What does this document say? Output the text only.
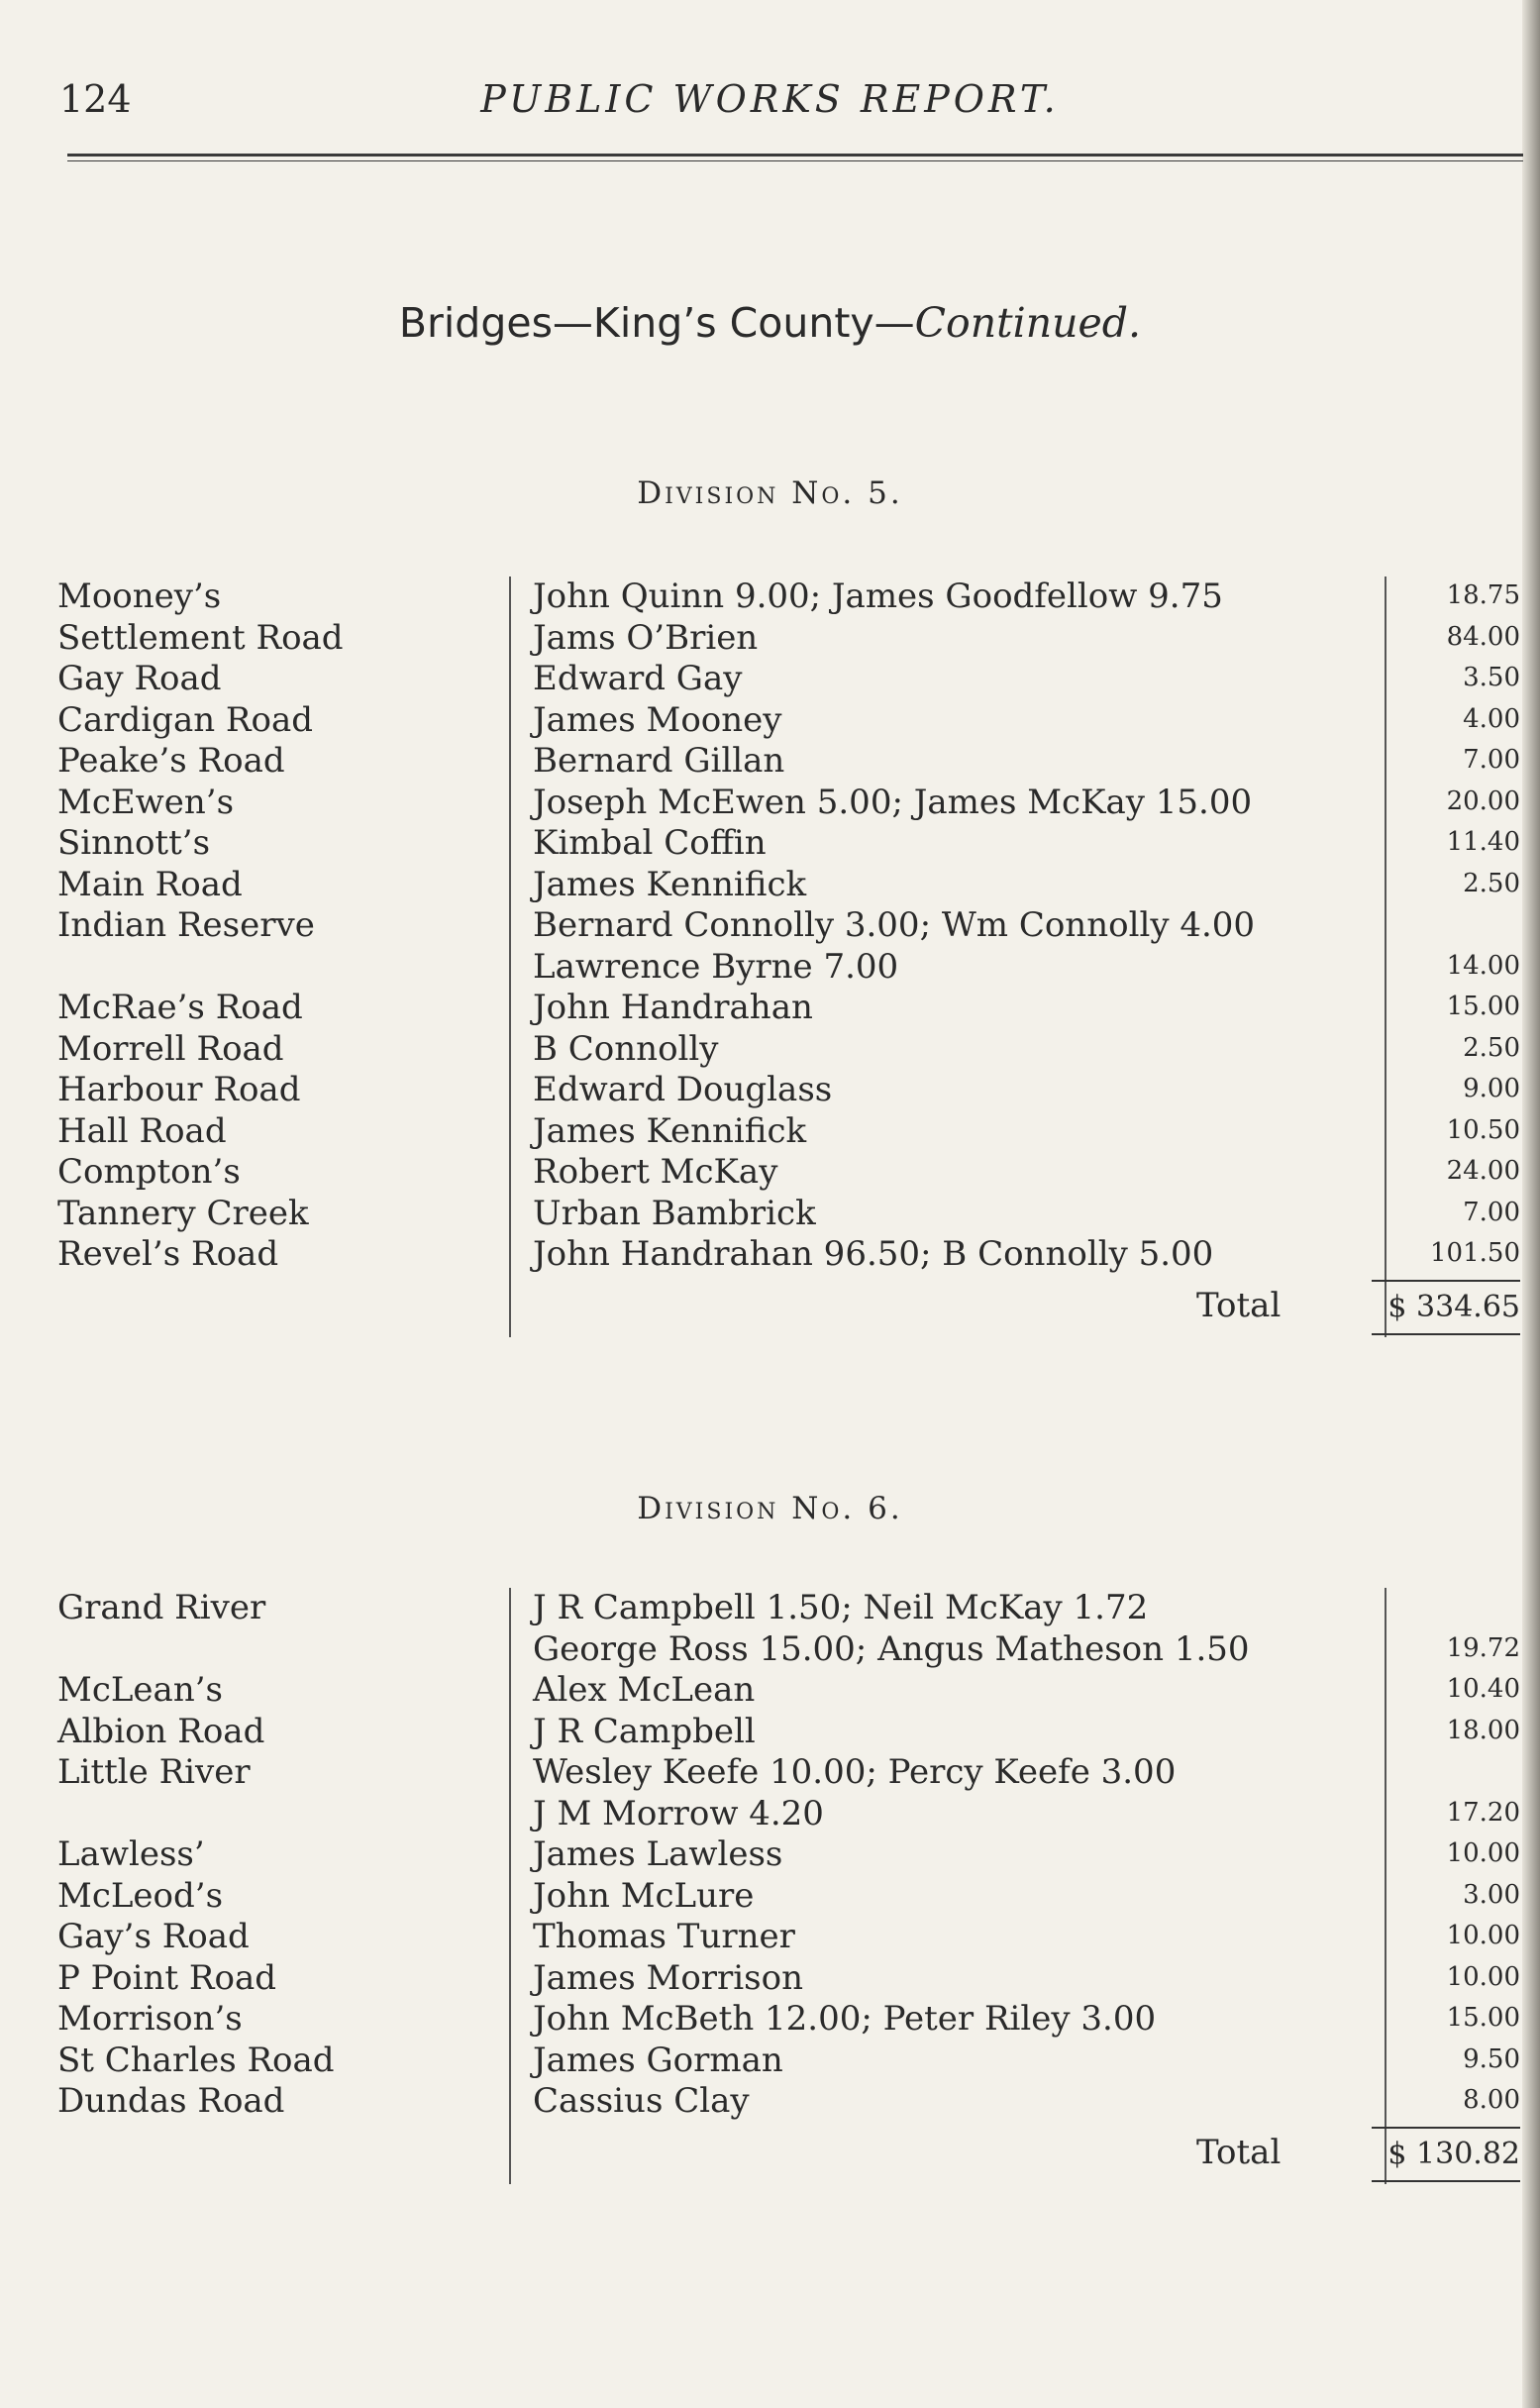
124	PUBLIC WORKS REPORT.
Bridges—King’s County—Continued.
Division No. 5.
Mooney’s	John Quinn 9.00; James Goodfellow 9.75	18.75
Settlement Road	Jams O’Brien	84.00
Gay Road	Edward Gay	3.50
Cardigan Road	James Mooney	4.00
Peake’s Road	Bernard Gillan	7.00
McEwen’s	Joseph McEwen 5.00; James McKay 15.00	20.00
Sinnott’s	Kimbal Coffin	11.40
Main Road	James Kennifick	2.50
Indian Reserve	Bernard Connolly 3.00; Wm Connolly 4.00
Lawrence Byrne 7.00	14.00
McRae’s Road	John Handrahan	15.00
Morrell Road	B Connolly	2.50
Harbour Road	Edward Douglass	9.00
Hall Road	James Kennifick	10.50
Compton’s	Robert McKay	24.00
Tannery Creek	Urban Bambrick	7.00
Revel’s Road	John Handrahan 96.50; B Connolly 5.00	101.50
Total	$ 334.65
Division No. 6.
Grand River	J R Campbell 1.50; Neil McKay 1.72
George Ross 15.00; Angus Matheson 1.50	19.72
McLean’s	Alex McLean	10.40
Albion Road	J R Campbell	18.00
Little River	Wesley Keefe 10.00; Percy Keefe 3.00
J M Morrow 4.20	17.20
Lawless’	James Lawless	10.00
McLeod’s	John McLure	3.00
Gay’s Road	Thomas Turner	10.00
P Point Road	James Morrison	10.00
Morrison’s	John McBeth 12.00; Peter Riley 3.00	15.00
St Charles Road	James Gorman	9.50
Dundas Road	Cassius Clay	8.00
Total	$ 130.82
